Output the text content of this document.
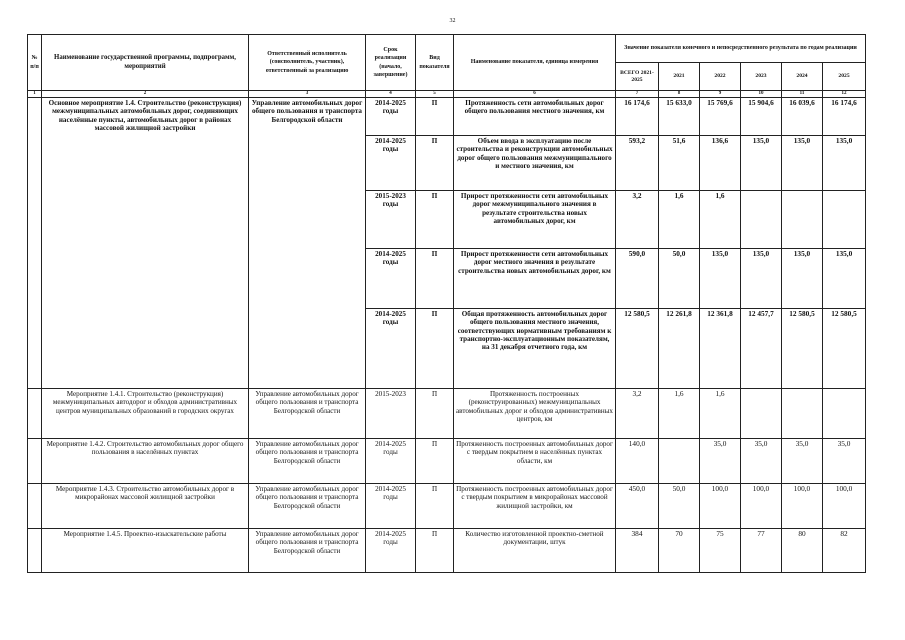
32
№ п/п	Наименование государственной программы, подпрограмм, мероприятий	Ответственный исполнитель (соисполнитель, участник), ответственный за реализацию	Срок реализации (начало, завершение)	Вид показателя	Наименование показателя, единица измерения	Значение показателя конечного и непосредственного результата по годам реализации					
						ВСЕГО 2021-2025	2021	2022	2023	2024	2025
1	2	3	4	5	6	7	8	9	10	11	12
	Основное мероприятие 1.4. Строительство (реконструкция) межмуниципальных автомобильных дорог, соединяющих населённые пункты, автомобильных дорог в районах массовой жилищной застройки	Управление автомобильных дорог общего пользования и транспорта Белгородской области	2014-2025 годы	П	Протяженность сети автомобильных дорог общего пользования местного значения, км	16 174,6	15 633,0	15 769,6	15 904,6	16 039,6	16 174,6
			2014-2025 годы	П	Объем ввода в эксплуатацию после строительства и реконструкции автомобильных дорог общего пользования межмуниципального и местного значения, км	593,2	51,6	136,6	135,0	135,0	135,0
			2015-2023 годы	П	Прирост протяженности сети автомобильных дорог межмуниципального значения в результате строительства новых автомобильных дорог, км	3,2	1,6	1,6			
			2014-2025 годы	П	Прирост протяженности сети автомобильных дорог местного значения в результате строительства новых автомобильных дорог, км	590,0	50,0	135,0	135,0	135,0	135,0
			2014-2025 годы	П	Общая протяженность автомобильных дорог общего пользования местного значения, соответствующих нормативным требованиям к транспортно-эксплуатационным показателям, на 31 декабря отчетного года, км	12 580,5	12 261,8	12 361,8	12 457,7	12 580,5	12 580,5
	Мероприятие 1.4.1. Строительство (реконструкция) межмуниципальных автодорог и обходов административных центров муниципальных образований в городских округах	Управление автомобильных дорог общего пользования и транспорта Белгородской области	2015-2023	П	Протяженность построенных (реконструированных) межмуниципальных автомобильных дорог и обходов административных центров, км	3,2	1,6	1,6			
	Мероприятие 1.4.2. Строительство автомобильных дорог общего пользования в населённых пунктах	Управление автомобильных дорог общего пользования и транспорта Белгородской области	2014-2025 годы	П	Протяженность построенных автомобильных дорог с твердым покрытием в населённых пунктах области, км	140,0		35,0	35,0	35,0	35,0
	Мероприятие 1.4.3. Строительство автомобильных дорог в микрорайонах массовой жилищной застройки	Управление автомобильных дорог общего пользования и транспорта Белгородской области	2014-2025 годы	П	Протяженность построенных автомобильных дорог с твердым покрытием в микрорайонах массовой жилищной застройки, км	450,0	50,0	100,0	100,0	100,0	100,0
	Мероприятие 1.4.5. Проектно-изыскательские работы	Управление автомобильных дорог общего пользования и транспорта Белгородской области	2014-2025 годы	П	Количество изготовленной проектно-сметной документации, штук	384	70	75	77	80	82
